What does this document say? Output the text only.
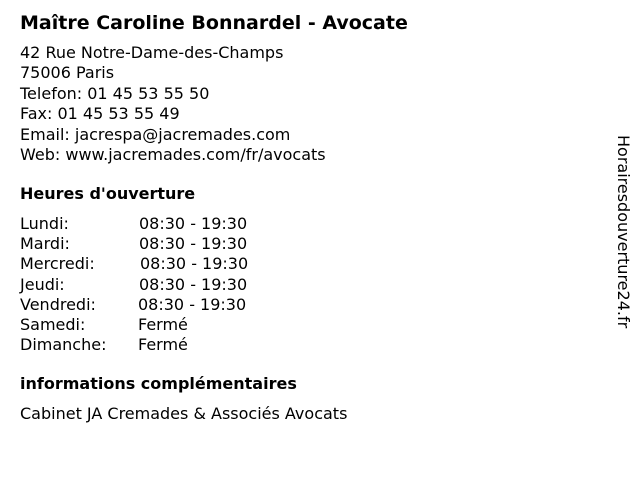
Maître Caroline Bonnardel - Avocate
42 Rue Notre-Dame-des-Champs
75006 Paris
Telefon: 01 45 53 55 50
Fax: 01 45 53 55 49
Email: jacrespa@jacremades.com
Web: www.jacremades.com/fr/avocats
Heures d'ouverture
Lundi:	08:30 - 19:30
Mardi:	08:30 - 19:30
Mercredi:	08:30 - 19:30
Jeudi:	08:30 - 19:30
Vendredi:	08:30 - 19:30
Samedi:	Fermé
Dimanche: Fermé
informations complémentaires
Cabinet JA Cremades & Associés Avocats
Horairesdouverture24.fr
